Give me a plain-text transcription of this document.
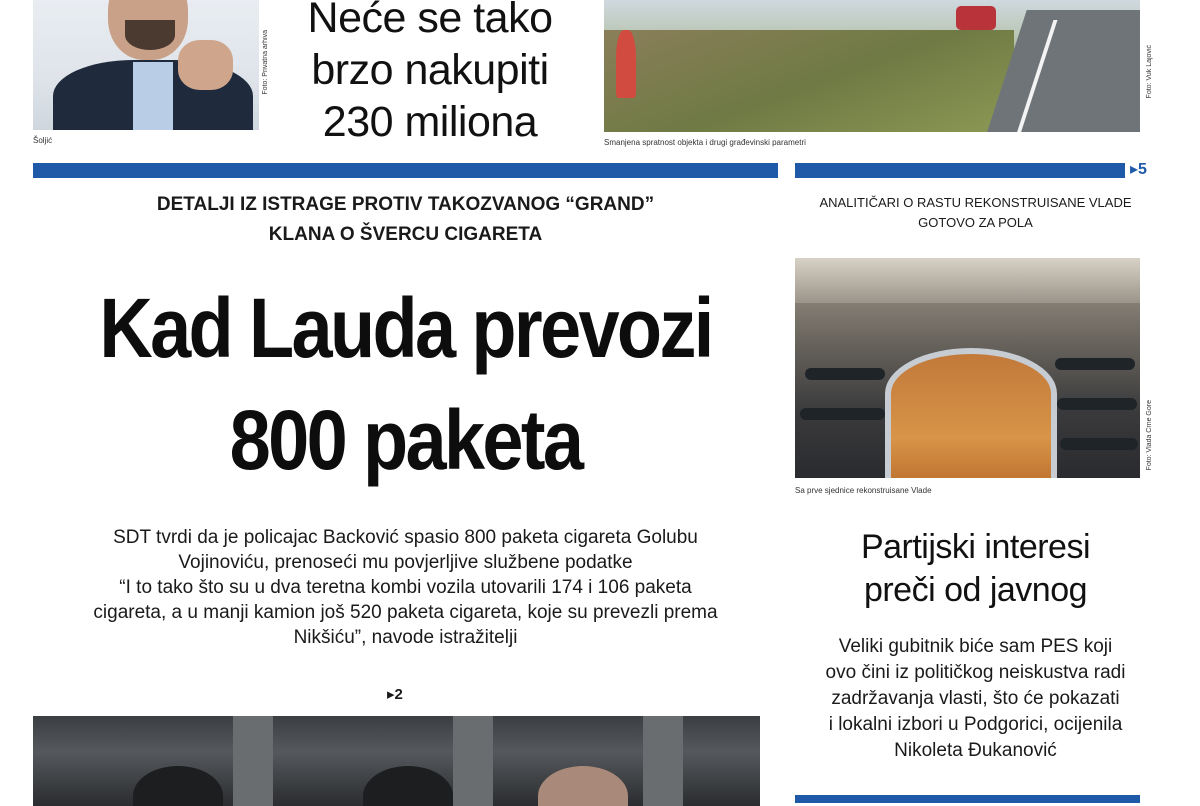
Foto: Privatna arhiva
Šoljić
Neće se tako
brzo nakupiti
230 miliona
Foto: Vuk Lajović
Smanjena spratnost objekta i drugi građevinski parametri
▸5
DETALJI IZ ISTRAGE PROTIV TAKOZVANOG “GRAND”
KLANA O ŠVERCU CIGARETA
Kad Lauda prevozi
800 paketa
SDT tvrdi da je policajac Backović spasio 800 paketa cigareta Golubu
Vojinoviću, prenoseći mu povjerljive službene podatke
“I to tako što su u dva teretna kombi vozila utovarili 174 i 106 paketa
cigareta, a u manji kamion još 520 paketa cigareta, koje su prevezli prema
Nikšiću”, navode istražitelji
▸2
ANALITIČARI O RASTU REKONSTRUISANE VLADE
GOTOVO ZA POLA
Foto: Vlada Crne Gore
Sa prve sjednice rekonstruisane Vlade
Partijski interesi
preči od javnog
Veliki gubitnik biće sam PES koji
ovo čini iz političkog neiskustva radi
zadržavanja vlasti, što će pokazati
i lokalni izbori u Podgorici, ocijenila
Nikoleta Đukanović
